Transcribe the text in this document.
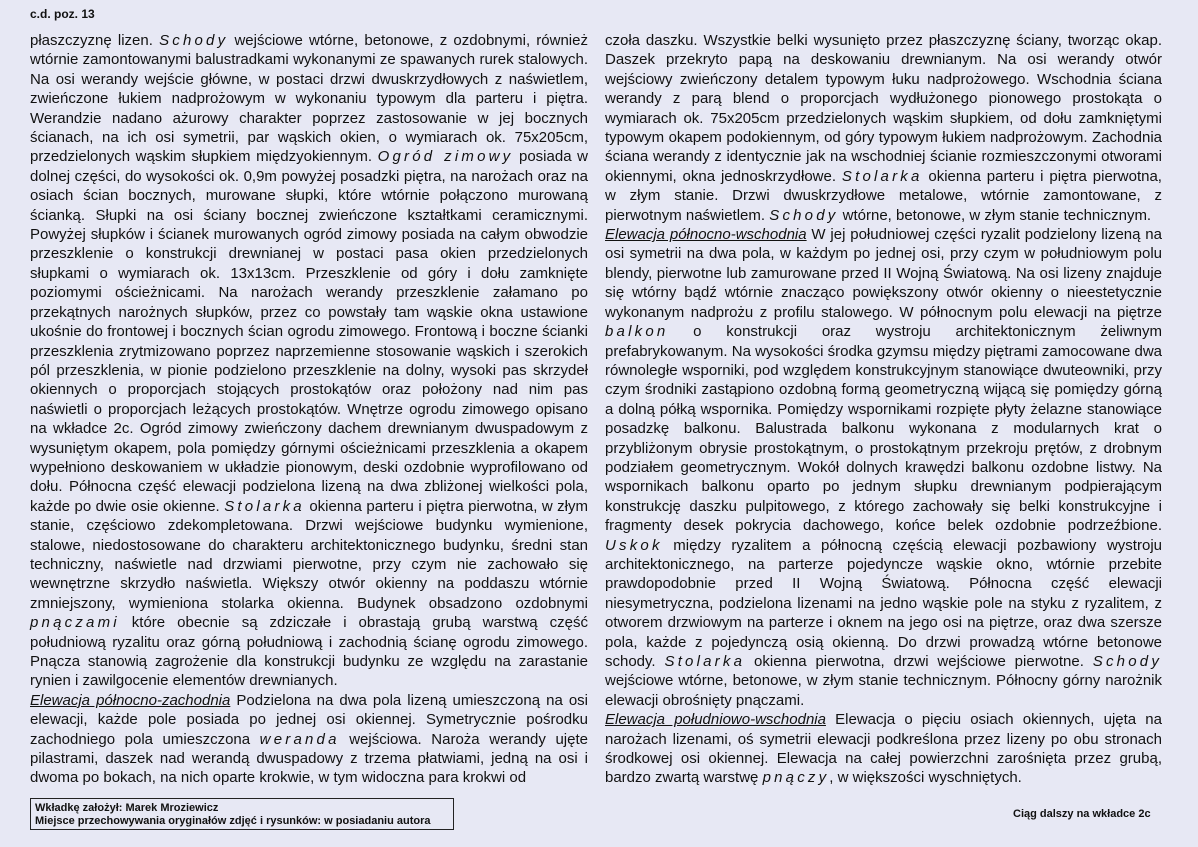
c.d. poz. 13
płaszczyznę lizen. Schody wejściowe wtórne, betonowe, z ozdobnymi, również wtórnie zamontowanymi balustradkami wykonanymi ze spawanych rurek stalowych. Na osi werandy wejście główne, w postaci drzwi dwuskrzydłowych z naświetlem, zwieńczone łukiem nadprożowym w wykonaniu typowym dla parteru i piętra. Werandzie nadano ażurowy charakter poprzez zastosowanie w jej bocznych ścianach, na ich osi symetrii, par wąskich okien, o wymiarach ok. 75x205cm, przedzielonych wąskim słupkiem międzyokiennym. Ogród zimowy posiada w dolnej części, do wysokości ok. 0,9m powyżej posadzki piętra, na narożach oraz na osiach ścian bocznych, murowane słupki, które wtórnie połączono murowaną ścianką. Słupki na osi ściany bocznej zwieńczone kształtkami ceramicznymi. Powyżej słupków i ścianek murowanych ogród zimowy posiada na całym obwodzie przeszklenie o konstrukcji drewnianej w postaci pasa okien przedzielonych słupkami o wymiarach ok. 13x13cm. Przeszklenie od góry i dołu zamknięte poziomymi ościeżnicami. Na narożach werandy przeszklenie załamano po przekątnych narożnych słupków, przez co powstały tam wąskie okna ustawione ukośnie do frontowej i bocznych ścian ogrodu zimowego. Frontową i boczne ścianki przeszklenia zrytmizowano poprzez naprzemienne stosowanie wąskich i szerokich pól przeszklenia, w pionie podzielono przeszklenie na dolny, wysoki pas skrzydeł okiennych o proporcjach stojących prostokątów oraz położony nad nim pas naświetli o proporcjach leżących prostokątów. Wnętrze ogrodu zimowego opisano na wkładce 2c. Ogród zimowy zwieńczony dachem drewnianym dwuspadowym z wysuniętym okapem, pola pomiędzy górnymi ościeżnicami przeszklenia a okapem wypełniono deskowaniem w układzie pionowym, deski ozdobnie wyprofilowano od dołu. Północna część elewacji podzielona lizeną na dwa zbliżonej wielkości pola, każde po dwie osie okienne. Stolarka okienna parteru i piętra pierwotna, w złym stanie, częściowo zdekompletowana. Drzwi wejściowe budynku wymienione, stalowe, niedostosowane do charakteru architektonicznego budynku, średni stan techniczny, naświetle nad drzwiami pierwotne, przy czym nie zachowało się wewnętrzne skrzydło naświetla. Większy otwór okienny na poddaszu wtórnie zmniejszony, wymieniona stolarka okienna. Budynek obsadzono ozdobnymi pnączami które obecnie są zdziczałe i obrastają grubą warstwą część południową ryzalitu oraz górną południową i zachodnią ścianę ogrodu zimowego. Pnącza stanowią zagrożenie dla konstrukcji budynku ze względu na zarastanie rynien i zawilgocenie elementów drewnianych.
Elewacja północno-zachodnia Podzielona na dwa pola lizeną umieszczoną na osi elewacji, każde pole posiada po jednej osi okiennej. Symetrycznie pośrodku zachodniego pola umieszczona weranda wejściowa. Naroża werandy ujęte pilastrami, daszek nad werandą dwuspadowy z trzema płatwiami, jedną na osi i dwoma po bokach, na nich oparte krokwie, w tym widoczna para krokwi od
czoła daszku. Wszystkie belki wysunięto przez płaszczyznę ściany, tworząc okap. Daszek przekryto papą na deskowaniu drewnianym. Na osi werandy otwór wejściowy zwieńczony detalem typowym łuku nadprożowego. Wschodnia ściana werandy z parą blend o proporcjach wydłużonego pionowego prostokąta o wymiarach ok. 75x205cm przedzielonych wąskim słupkiem, od dołu zamkniętymi typowym okapem podokiennym, od góry typowym łukiem nadprożowym. Zachodnia ściana werandy z identycznie jak na wschodniej ścianie rozmieszczonymi otworami okiennymi, okna jednoskrzydłowe. Stolarka okienna parteru i piętra pierwotna, w złym stanie. Drzwi dwuskrzydłowe metalowe, wtórnie zamontowane, z pierwotnym naświetlem. Schody wtórne, betonowe, w złym stanie technicznym.
Elewacja północno-wschodnia W jej południowej części ryzalit podzielony lizeną na osi symetrii na dwa pola, w każdym po jednej osi, przy czym w południowym polu blendy, pierwotne lub zamurowane przed II Wojną Światową. Na osi lizeny znajduje się wtórny bądź wtórnie znacząco powiększony otwór okienny o nieestetycznie wykonanym nadprożu z profilu stalowego. W północnym polu elewacji na piętrze balkon o konstrukcji oraz wystroju architektonicznym żeliwnym prefabrykowanym. Na wysokości środka gzymsu między piętrami zamocowane dwa równoległe wsporniki, pod względem konstrukcyjnym stanowiące dwuteowniki, przy czym środniki zastąpiono ozdobną formą geometryczną wijącą się pomiędzy górną a dolną półką wspornika. Pomiędzy wspornikami rozpięte płyty żelazne stanowiące posadzkę balkonu. Balustrada balkonu wykonana z modularnych krat o przybliżonym obrysie prostokątnym, o prostokątnym przekroju prętów, z drobnym podziałem geometrycznym. Wokół dolnych krawędzi balkonu ozdobne listwy. Na wspornikach balkonu oparto po jednym słupku drewnianym podpierającym konstrukcję daszku pulpitowego, z którego zachowały się belki konstrukcyjne i fragmenty desek pokrycia dachowego, końce belek ozdobnie podrzeźbione. Uskok między ryzalitem a północną częścią elewacji pozbawiony wystroju architektonicznego, na parterze pojedyncze wąskie okno, wtórnie przebite prawdopodobnie przed II Wojną Światową. Północna część elewacji niesymetryczna, podzielona lizenami na jedno wąskie pole na styku z ryzalitem, z otworem drzwiowym na parterze i oknem na jego osi na piętrze, oraz dwa szersze pola, każde z pojedynczą osią okienną. Do drzwi prowadzą wtórne betonowe schody. Stolarka okienna pierwotna, drzwi wejściowe pierwotne. Schody wejściowe wtórne, betonowe, w złym stanie technicznym. Północny górny narożnik elewacji obrośnięty pnączami.
Elewacja południowo-wschodnia Elewacja o pięciu osiach okiennych, ujęta na narożach lizenami, oś symetrii elewacji podkreślona przez lizeny po obu stronach środkowej osi okiennej. Elewacja na całej powierzchni zarośnięta przez grubą, bardzo zwartą warstwę pnączy, w większości wyschniętych.
Wkładkę założył: Marek Mroziewicz
Miejsce przechowywania oryginałów zdjęć i rysunków: w posiadaniu autora
Ciąg dalszy na wkładce 2c
